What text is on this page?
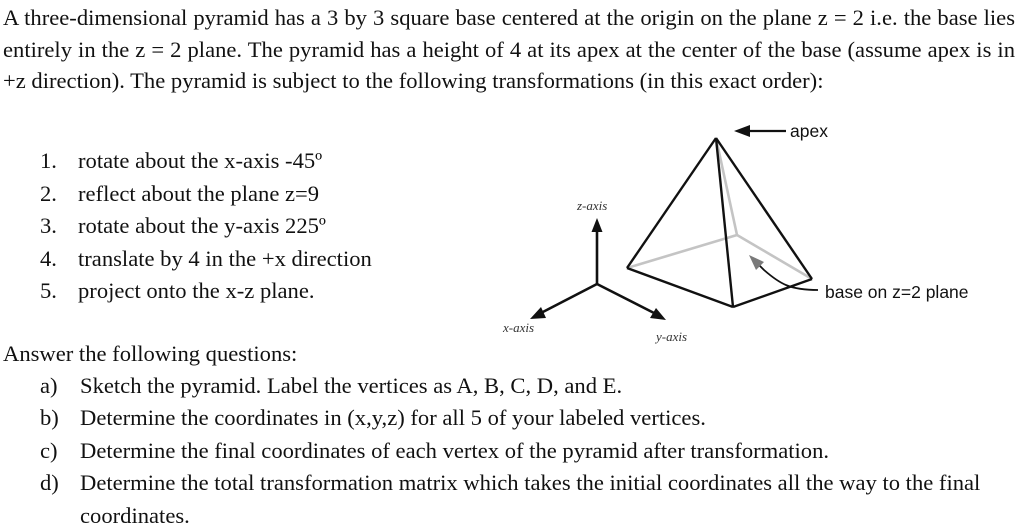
A three-dimensional pyramid has a 3 by 3 square base centered at the origin on the plane z = 2 i.e. the base lies entirely in the z = 2 plane. The pyramid has a height of 4 at its apex at the center of the base (assume apex is in +z direction). The pyramid is subject to the following transformations (in this exact order):
1. rotate about the x-axis -45º
2. reflect about the plane z=9
3. rotate about the y-axis 225º
4. translate by 4 in the +x direction
5. project onto the x-z plane.
z-axis
x-axis
y-axis
apex
base on z=2 plane
Answer the following questions:
a) Sketch the pyramid. Label the vertices as A, B, C, D, and E.
b) Determine the coordinates in (x,y,z) for all 5 of your labeled vertices.
c) Determine the final coordinates of each vertex of the pyramid after transformation.
d) Determine the total transformation matrix which takes the initial coordinates all the way to the final coordinates.
